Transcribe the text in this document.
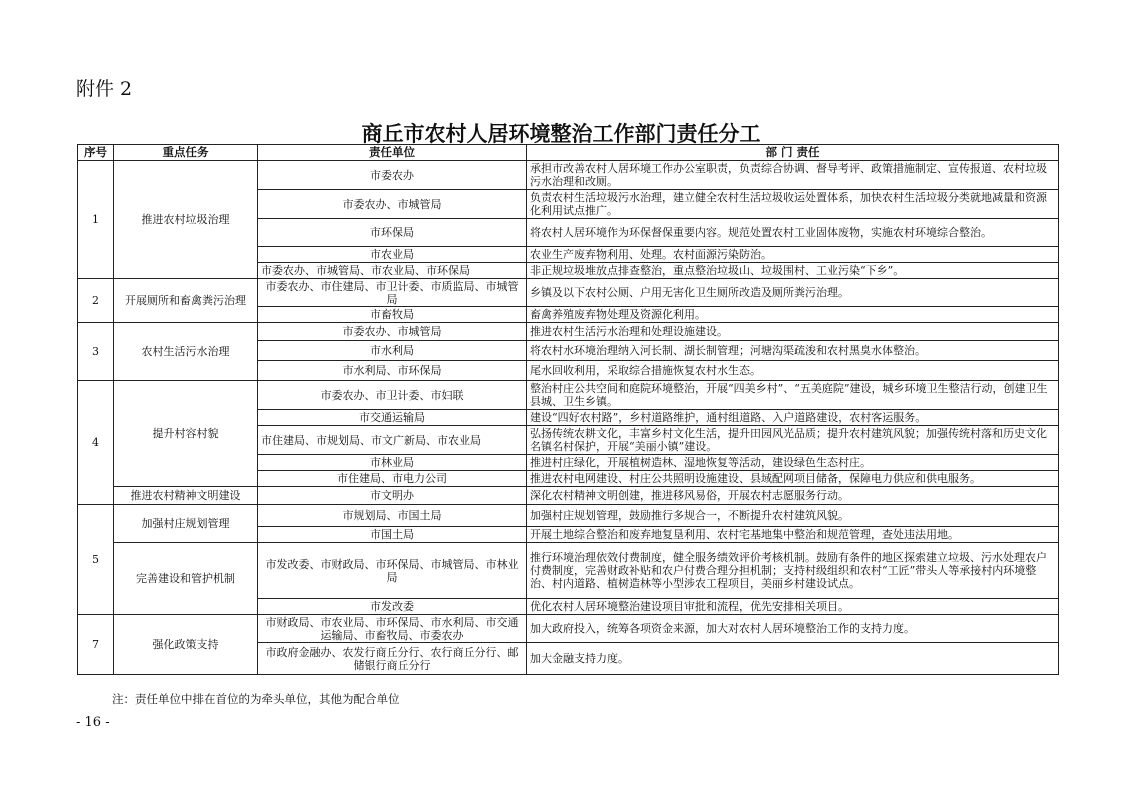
附件 2
商丘市农村人居环境整治工作部门责任分工
序号	重点任务	责任单位	部 门 责任
1	推进农村垃圾治理	市委农办	承担市改善农村人居环境工作办公室职责，负责综合协调、督导考评、政策措施制定、宣传报道、农村垃圾污水治理和改厕。
		市委农办、市城管局	负责农村生活垃圾污水治理，建立健全农村生活垃圾收运处置体系，加快农村生活垃圾分类就地减量和资源化利用试点推广。
		市环保局	将农村人居环境作为环保督保重要内容。规范处置农村工业固体废物，实施农村环境综合整治。
		市农业局	农业生产废弃物利用、处理。农村面源污染防治。
		市委农办、市城管局、市农业局、市环保局	非正规垃圾堆放点排查整治，重点整治垃圾山、垃圾围村、工业污染“下乡”。
2	开展厕所和畜禽粪污治理	市委农办、市住建局、市卫计委、市质监局、市城管局	乡镇及以下农村公厕、户用无害化卫生厕所改造及厕所粪污治理。
		市畜牧局	畜禽养殖废弃物处理及资源化利用。
3	农村生活污水治理	市委农办、市城管局	推进农村生活污水治理和处理设施建设。
		市水利局	将农村水环境治理纳入河长制、湖长制管理；河塘沟渠疏浚和农村黑臭水体整治。
		市水利局、市环保局	尾水回收利用，采取综合措施恢复农村水生态。
4	提升村容村貌	市委农办、市卫计委、市妇联	整治村庄公共空间和庭院环境整治，开展“四美乡村”、“五美庭院”建设，城乡环境卫生整洁行动，创建卫生县城、卫生乡镇。
		市交通运输局	建设“四好农村路”，乡村道路维护，通村组道路、入户道路建设，农村客运服务。
		市住建局、市规划局、市文广新局、市农业局	弘扬传统农耕文化，丰富乡村文化生活，提升田园风光品质；提升农村建筑风貌；加强传统村落和历史文化名镇名村保护，开展“美丽小镇”建设。
		市林业局	推进村庄绿化，开展植树造林、湿地恢复等活动，建设绿色生态村庄。
		市住建局、市电力公司	推进农村电网建设、村庄公共照明设施建设、县域配网项目储备，保障电力供应和供电服务。
	推进农村精神文明建设	市文明办	深化农村精神文明创建，推进移风易俗，开展农村志愿服务行动。
5	加强村庄规划管理	市规划局、市国土局	加强村庄规划管理，鼓励推行多规合一，不断提升农村建筑风貌。
		市国土局	开展土地综合整治和废弃地复垦利用、农村宅基地集中整治和规范管理，查处违法用地。
	完善建设和管护机制	市发改委、市财政局、市环保局、市城管局、市林业局	推行环境治理依效付费制度，健全服务绩效评价考核机制。鼓励有条件的地区探索建立垃圾、污水处理农户付费制度，完善财政补贴和农户付费合理分担机制；支持村级组织和农村“工匠”带头人等承接村内环境整治、村内道路、植树造林等小型涉农工程项目，美丽乡村建设试点。
		市发改委	优化农村人居环境整治建设项目审批和流程，优先安排相关项目。
7	强化政策支持	市财政局、市农业局、市环保局、市水利局、市交通运输局、市畜牧局、市委农办	加大政府投入，统筹各项资金来源，加大对农村人居环境整治工作的支持力度。
		市政府金融办、农发行商丘分行、农行商丘分行、邮储银行商丘分行	加大金融支持力度。
注：责任单位中排在首位的为牵头单位，其他为配合单位
- 16 -
